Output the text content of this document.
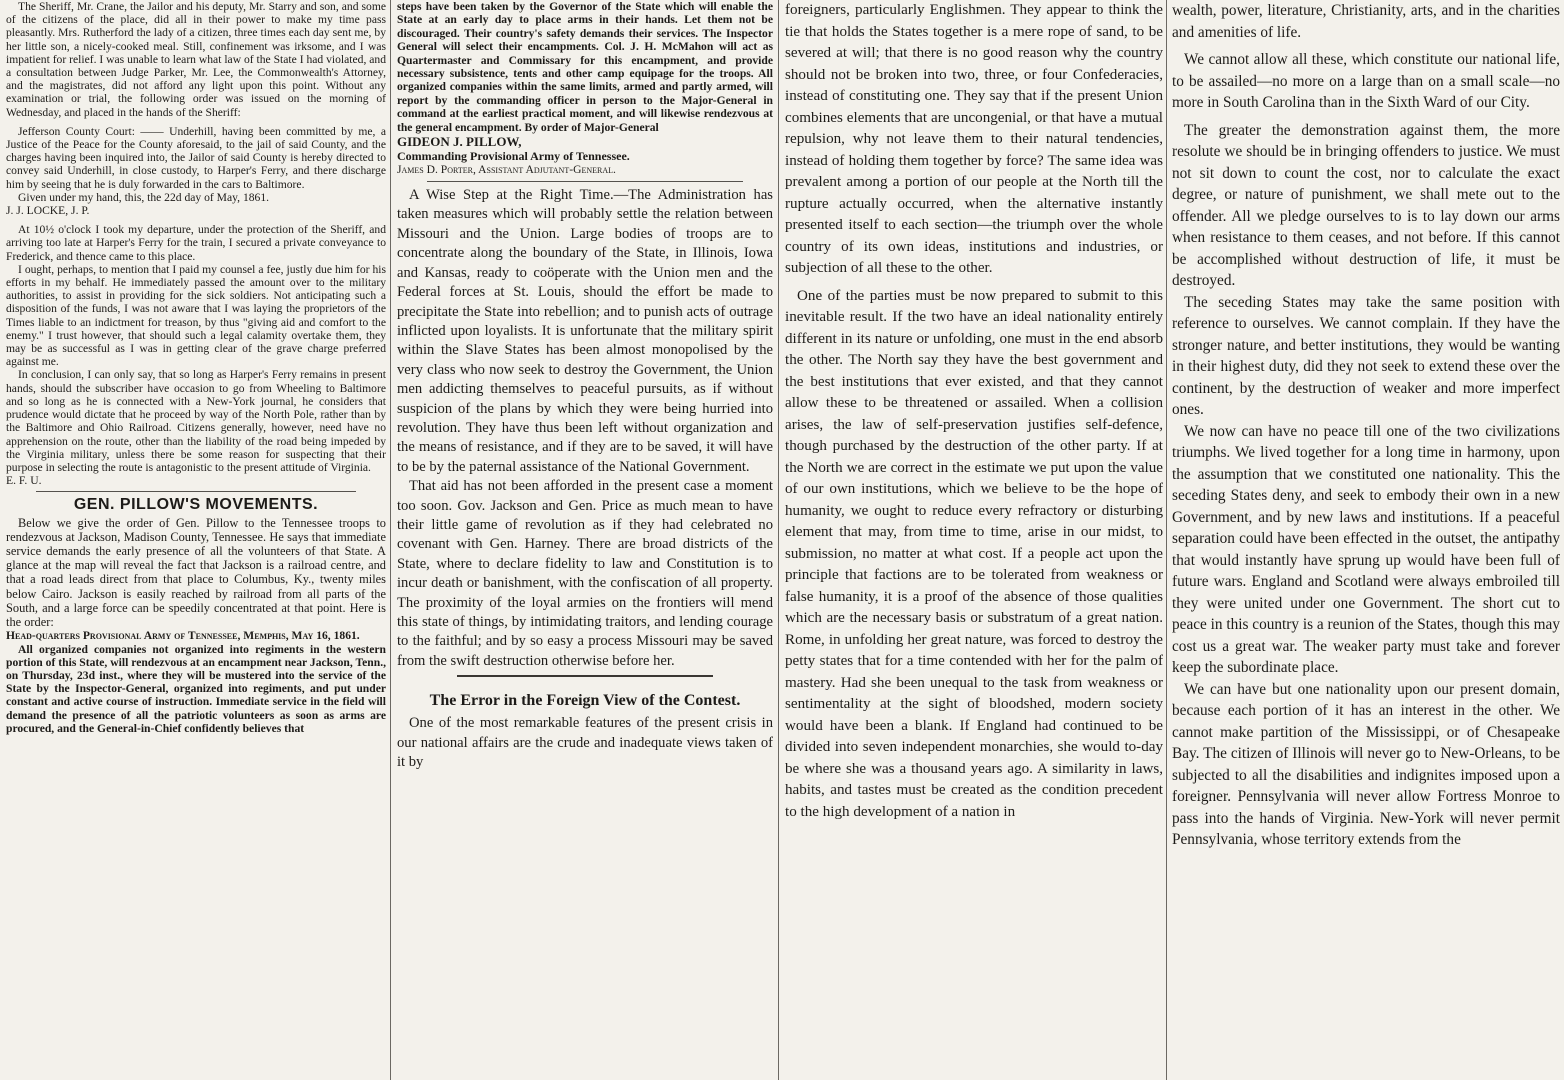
The Sheriff, Mr. Crane, the Jailor and his deputy, Mr. Starry and son, and some of the citizens of the place, did all in their power to make my time pass pleasantly. Mrs. Rutherford the lady of a citizen, three times each day sent me, by her little son, a nicely-cooked meal. Still, confinement was irksome, and I was impatient for relief. I was unable to learn what law of the State I had violated, and a consultation between Judge Parker, Mr. Lee, the Commonwealth's Attorney, and the magistrates, did not afford any light upon this point. Without any examination or trial, the following order was issued on the morning of Wednesday, and placed in the hands of the Sheriff:

Jefferson County Court: —— Underhill, having been committed by me, a Justice of the Peace for the County aforesaid, to the jail of said County, and the charges having been inquired into, the Jailor of said County is hereby directed to convey said Underhill, in close custody, to Harper's Ferry, and there discharge him by seeing that he is duly forwarded in the cars to Baltimore.

Given under my hand, this, the 22d day of May, 1861.

J. J. LOCKE, J. P.

At 10½ o'clock I took my departure, under the protection of the Sheriff, and arriving too late at Harper's Ferry for the train, I secured a private conveyance to Frederick, and thence came to this place.

I ought, perhaps, to mention that I paid my counsel a fee, justly due him for his efforts in my behalf. He immediately passed the amount over to the military authorities, to assist in providing for the sick soldiers. Not anticipating such a disposition of the funds, I was not aware that I was laying the proprietors of the Times liable to an indictment for treason, by thus "giving aid and comfort to the enemy." I trust however, that should such a legal calamity overtake them, they may be as successful as I was in getting clear of the grave charge preferred against me.

In conclusion, I can only say, that so long as Harper's Ferry remains in present hands, should the subscriber have occasion to go from Wheeling to Baltimore and so long as he is connected with a New-York journal, he considers that prudence would dictate that he proceed by way of the North Pole, rather than by the Baltimore and Ohio Railroad. Citizens generally, however, need have no apprehension on the route, other than the liability of the road being impeded by the Virginia military, unless there be some reason for suspecting that their purpose in selecting the route is antagonistic to the present attitude of Virginia.

E. F. U.

GEN. PILLOW'S MOVEMENTS.

Below we give the order of Gen. Pillow to the Tennessee troops to rendezvous at Jackson, Madison County, Tennessee. He says that immediate service demands the early presence of all the volunteers of that State. A glance at the map will reveal the fact that Jackson is a railroad centre, and that a road leads direct from that place to Columbus, Ky., twenty miles below Cairo. Jackson is easily reached by railroad from all parts of the South, and a large force can be speedily concentrated at that point. Here is the order:

Head-quarters Provisional Army of Tennessee, Memphis, May 16, 1861.

All organized companies not organized into regiments in the western portion of this State, will rendezvous at an encampment near Jackson, Tenn., on Thursday, 23d inst., where they will be mustered into the service of the State by the Inspector-General, organized into regiments, and put under constant and active course of instruction. Immediate service in the field will demand the presence of all the patriotic volunteers as soon as arms are procured, and the General-in-Chief confidently believes that

steps have been taken by the Governor of the State which will enable the State at an early day to place arms in their hands. Let them not be discouraged. Their country's safety demands their services. The Inspector General will select their encampments. Col. J. H. McMahon will act as Quartermaster and Commissary for this encampment, and provide necessary subsistence, tents and other camp equipage for the troops. All organized companies within the same limits, armed and partly armed, will report by the commanding officer in person to the Major-General in command at the earliest practical moment, and will likewise rendezvous at the general encampment. By order of Major-General

GIDEON J. PILLOW,

Commanding Provisional Army of Tennessee.

James D. Porter, Assistant Adjutant-General.

A Wise Step at the Right Time.—The Administration has taken measures which will probably settle the relation between Missouri and the Union. Large bodies of troops are to concentrate along the boundary of the State, in Illinois, Iowa and Kansas, ready to coöperate with the Union men and the Federal forces at St. Louis, should the effort be made to precipitate the State into rebellion; and to punish acts of outrage inflicted upon loyalists. It is unfortunate that the military spirit within the Slave States has been almost monopolised by the very class who now seek to destroy the Government, the Union men addicting themselves to peaceful pursuits, as if without suspicion of the plans by which they were being hurried into revolution. They have thus been left without organization and the means of resistance, and if they are to be saved, it will have to be by the paternal assistance of the National Government.

That aid has not been afforded in the present case a moment too soon. Gov. Jackson and Gen. Price as much mean to have their little game of revolution as if they had celebrated no covenant with Gen. Harney. There are broad districts of the State, where to declare fidelity to law and Constitution is to incur death or banishment, with the confiscation of all property. The proximity of the loyal armies on the frontiers will mend this state of things, by intimidating traitors, and lending courage to the faithful; and by so easy a process Missouri may be saved from the swift destruction otherwise before her.

The Error in the Foreign View of the Contest.

One of the most remarkable features of the present crisis in our national affairs are the crude and inadequate views taken of it by

foreigners, particularly Englishmen. They appear to think the tie that holds the States together is a mere rope of sand, to be severed at will; that there is no good reason why the country should not be broken into two, three, or four Confederacies, instead of constituting one. They say that if the present Union combines elements that are uncongenial, or that have a mutual repulsion, why not leave them to their natural tendencies, instead of holding them together by force? The same idea was prevalent among a portion of our people at the North till the rupture actually occurred, when the alternative instantly presented itself to each section—the triumph over the whole country of its own ideas, institutions and industries, or subjection of all these to the other.

One of the parties must be now prepared to submit to this inevitable result. If the two have an ideal nationality entirely different in its nature or unfolding, one must in the end absorb the other. The North say they have the best government and the best institutions that ever existed, and that they cannot allow these to be threatened or assailed. When a collision arises, the law of self-preservation justifies self-defence, though purchased by the destruction of the other party. If at the North we are correct in the estimate we put upon the value of our own institutions, which we believe to be the hope of humanity, we ought to reduce every refractory or disturbing element that may, from time to time, arise in our midst, to submission, no matter at what cost. If a people act upon the principle that factions are to be tolerated from weakness or false humanity, it is a proof of the absence of those qualities which are the necessary basis or substratum of a great nation. Rome, in unfolding her great nature, was forced to destroy the petty states that for a time contended with her for the palm of mastery. Had she been unequal to the task from weakness or sentimentality at the sight of bloodshed, modern society would have been a blank. If England had continued to be divided into seven independent monarchies, she would to-day be where she was a thousand years ago. A similarity in laws, habits, and tastes must be created as the condition precedent to the high development of a nation in

wealth, power, literature, Christianity, arts, and in the charities and amenities of life.

We cannot allow all these, which constitute our national life, to be assailed—no more on a large than on a small scale—no more in South Carolina than in the Sixth Ward of our City.

The greater the demonstration against them, the more resolute we should be in bringing offenders to justice. We must not sit down to count the cost, nor to calculate the exact degree, or nature of punishment, we shall mete out to the offender. All we pledge ourselves to is to lay down our arms when resistance to them ceases, and not before. If this cannot be accomplished without destruction of life, it must be destroyed.

The seceding States may take the same position with reference to ourselves. We cannot complain. If they have the stronger nature, and better institutions, they would be wanting in their highest duty, did they not seek to extend these over the continent, by the destruction of weaker and more imperfect ones.

We now can have no peace till one of the two civilizations triumphs. We lived together for a long time in harmony, upon the assumption that we constituted one nationality. This the seceding States deny, and seek to embody their own in a new Government, and by new laws and institutions. If a peaceful separation could have been effected in the outset, the antipathy that would instantly have sprung up would have been full of future wars. England and Scotland were always embroiled till they were united under one Government. The short cut to peace in this country is a reunion of the States, though this may cost us a great war. The weaker party must take and forever keep the subordinate place.

We can have but one nationality upon our present domain, because each portion of it has an interest in the other. We cannot make partition of the Mississippi, or of Chesapeake Bay. The citizen of Illinois will never go to New-Orleans, to be subjected to all the disabilities and indignites imposed upon a foreigner. Pennsylvania will never allow Fortress Monroe to pass into the hands of Virginia. New-York will never permit Pennsylvania, whose territory extends from the
